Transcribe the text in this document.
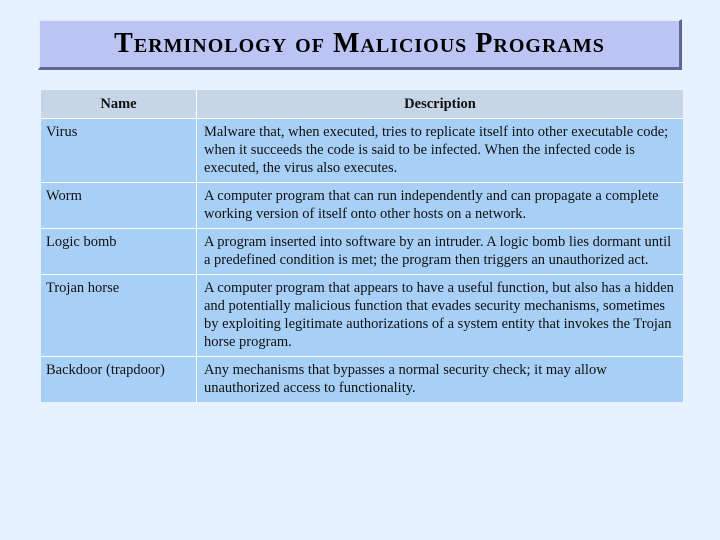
Terminology of Malicious Programs
Name	Description
Virus	Malware that, when executed, tries to replicate itself into other executable code; when it succeeds the code is said to be infected. When the infected code is executed, the virus also executes.
Worm	A computer program that can run independently and can propagate a complete working version of itself onto other hosts on a network.
Logic bomb	A program inserted into software by an intruder. A logic bomb lies dormant until a predefined condition is met; the program then triggers an unauthorized act.
Trojan horse	A computer program that appears to have a useful function, but also has a hidden and potentially malicious function that evades security mechanisms, sometimes by exploiting legitimate authorizations of a system entity that invokes the Trojan horse program.
Backdoor (trapdoor)	Any mechanisms that bypasses a normal security check; it may allow unauthorized access to functionality.
